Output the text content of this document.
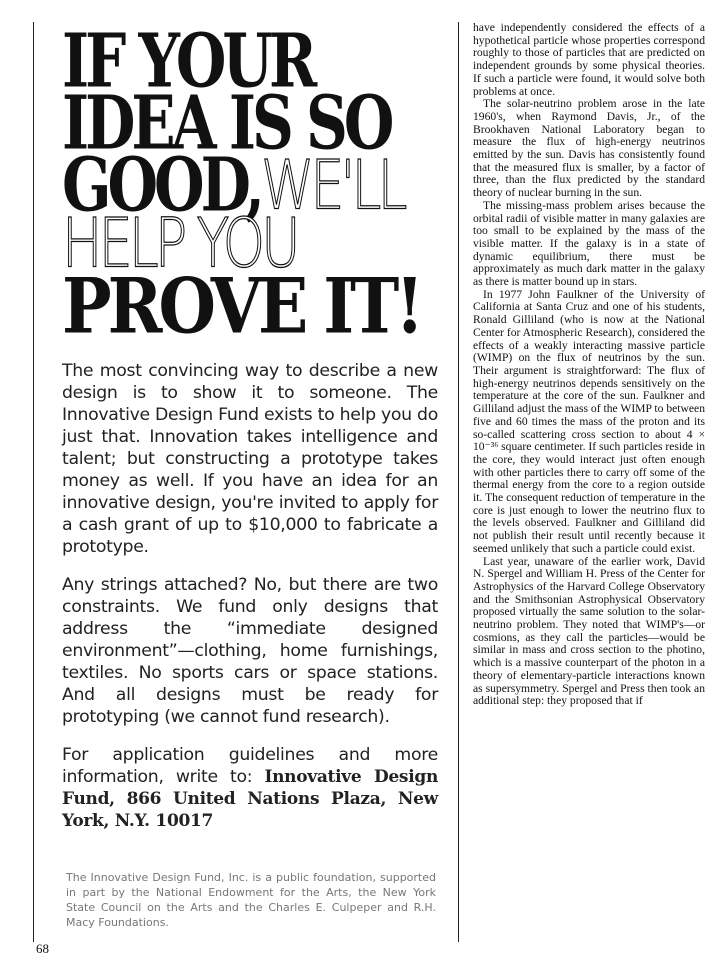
IF YOUR
IDEA IS SO
GOOD,WE'LL
HELP YOU
PROVE IT!

The most convincing way to describe a new design is to show it to someone. The Innovative Design Fund exists to help you do just that. Innovation takes intelligence and talent; but constructing a prototype takes money as well. If you have an idea for an innovative design, you're invited to apply for a cash grant of up to $10,000 to fabricate a prototype.

Any strings attached? No, but there are two constraints. We fund only designs that address the “immediate designed environment”—clothing, home furnishings, textiles. No sports cars or space stations. And all designs must be ready for prototyping (we cannot fund research).

For application guidelines and more information, write to: Innovative Design Fund, 866 United Nations Plaza, New York, N.Y. 10017

The Innovative Design Fund, Inc. is a public foundation, supported in part by the National Endowment for the Arts, the New York State Council on the Arts and the Charles E. Culpeper and R.H. Macy Foundations.

have independently considered the effects of a hypothetical particle whose properties correspond roughly to those of particles that are predicted on independent grounds by some physical theories. If such a particle were found, it would solve both problems at once.

The solar-neutrino problem arose in the late 1960's, when Raymond Davis, Jr., of the Brookhaven National Laboratory began to measure the flux of high-energy neutrinos emitted by the sun. Davis has consistently found that the measured flux is smaller, by a factor of three, than the flux predicted by the standard theory of nuclear burning in the sun.

The missing-mass problem arises because the orbital radii of visible matter in many galaxies are too small to be explained by the mass of the visible matter. If the galaxy is in a state of dynamic equilibrium, there must be approximately as much dark matter in the galaxy as there is matter bound up in stars.

In 1977 John Faulkner of the University of California at Santa Cruz and one of his students, Ronald Gilliland (who is now at the National Center for Atmospheric Research), considered the effects of a weakly interacting massive particle (WIMP) on the flux of neutrinos by the sun. Their argument is straightforward: The flux of high-energy neutrinos depends sensitively on the temperature at the core of the sun. Faulkner and Gilliland adjust the mass of the WIMP to between five and 60 times the mass of the proton and its so-called scattering cross section to about 4 × 10⁻³⁶ square centimeter. If such particles reside in the core, they would interact just often enough with other particles there to carry off some of the thermal energy from the core to a region outside it. The consequent reduction of temperature in the core is just enough to lower the neutrino flux to the levels observed. Faulkner and Gilliland did not publish their result until recently because it seemed unlikely that such a particle could exist.

Last year, unaware of the earlier work, David N. Spergel and William H. Press of the Center for Astrophysics of the Harvard College Observatory and the Smithsonian Astrophysical Observatory proposed virtually the same solution to the solar-neutrino problem. They noted that WIMP's—or cosmions, as they call the particles—would be similar in mass and cross section to the photino, which is a massive counterpart of the photon in a theory of elementary-particle interactions known as supersymmetry. Spergel and Press then took an additional step: they proposed that if

68
